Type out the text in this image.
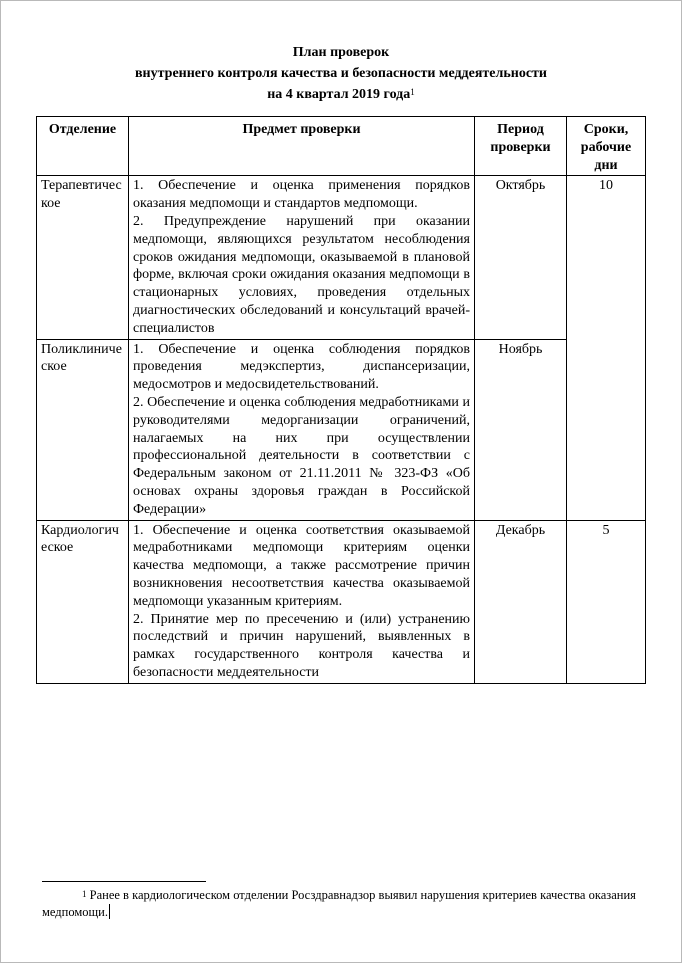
План проверок
внутреннего контроля качества и безопасности меддеятельности
на 4 квартал 2019 года$^1$
Отделение	Предмет проверки	Период проверки	Сроки, рабочие дни
Терапевтическое	1. Обеспечение и оценка применения порядков оказания медпомощи и стандартов медпомощи.

2. Предупреждение нарушений при оказании медпомощи, являющихся результатом несоблюдения сроков ожидания медпомощи, оказываемой в плановой форме, включая сроки ожидания оказания медпомощи в стационарных условиях, проведения отдельных диагностических обследований и консультаций врачей-специалистов	Октябрь	10
Поликлиническое	1. Обеспечение и оценка соблюдения порядков проведения медэкспертиз, диспансеризации, медосмотров и медосвидетельствований.

2. Обеспечение и оценка соблюдения медработниками и руководителями медорганизации ограничений, налагаемых на них при осуществлении профессиональной деятельности в соответствии с Федеральным законом от 21.11.2011 № 323-ФЗ «Об основах охраны здоровья граждан в Российской Федерации»	Ноябрь	
Кардиологическое	1. Обеспечение и оценка соответствия оказываемой медработниками медпомощи критериям оценки качества медпомощи, а также рассмотрение причин возникновения несоответствия качества оказываемой медпомощи указанным критериям.

2. Принятие мер по пресечению и (или) устранению последствий и причин нарушений, выявленных в рамках государственного контроля качества и безопасности меддеятельности	Декабрь	5
$^1$ Ранее в кардиологическом отделении Росздравнадзор выявил нарушения критериев качества оказания медпомощи.
